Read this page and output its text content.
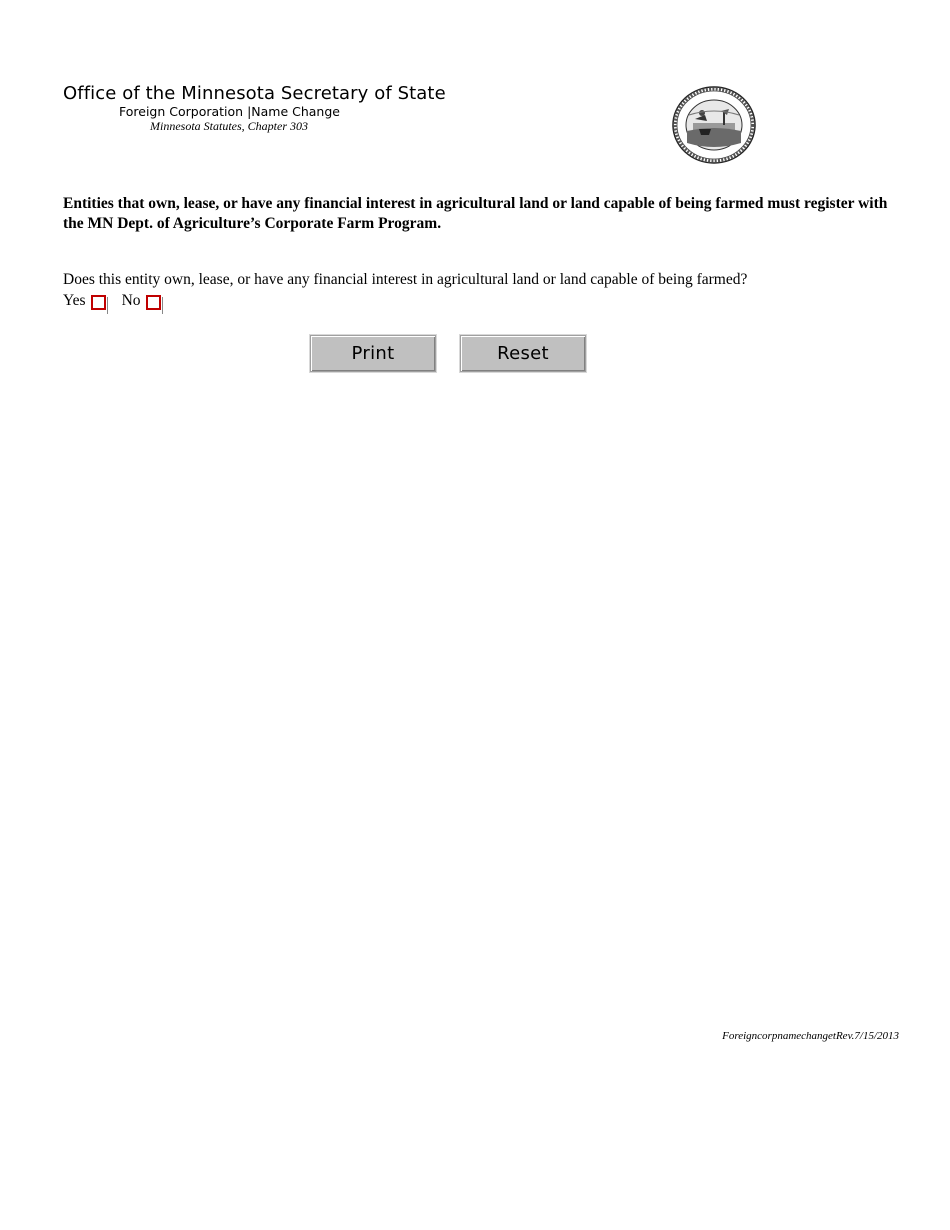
Office of the Minnesota Secretary of State
Foreign Corporation |Name Change
Minnesota Statutes, Chapter 303
Entities that own, lease, or have any financial interest in agricultural land or land capable of being farmed must register with the MN Dept. of Agriculture’s Corporate Farm Program.
Does this entity own, lease, or have any financial interest in agricultural land or land capable of being farmed?
Yes No
Print	Reset
ForeigncorpnamechangetRev.7/15/2013
